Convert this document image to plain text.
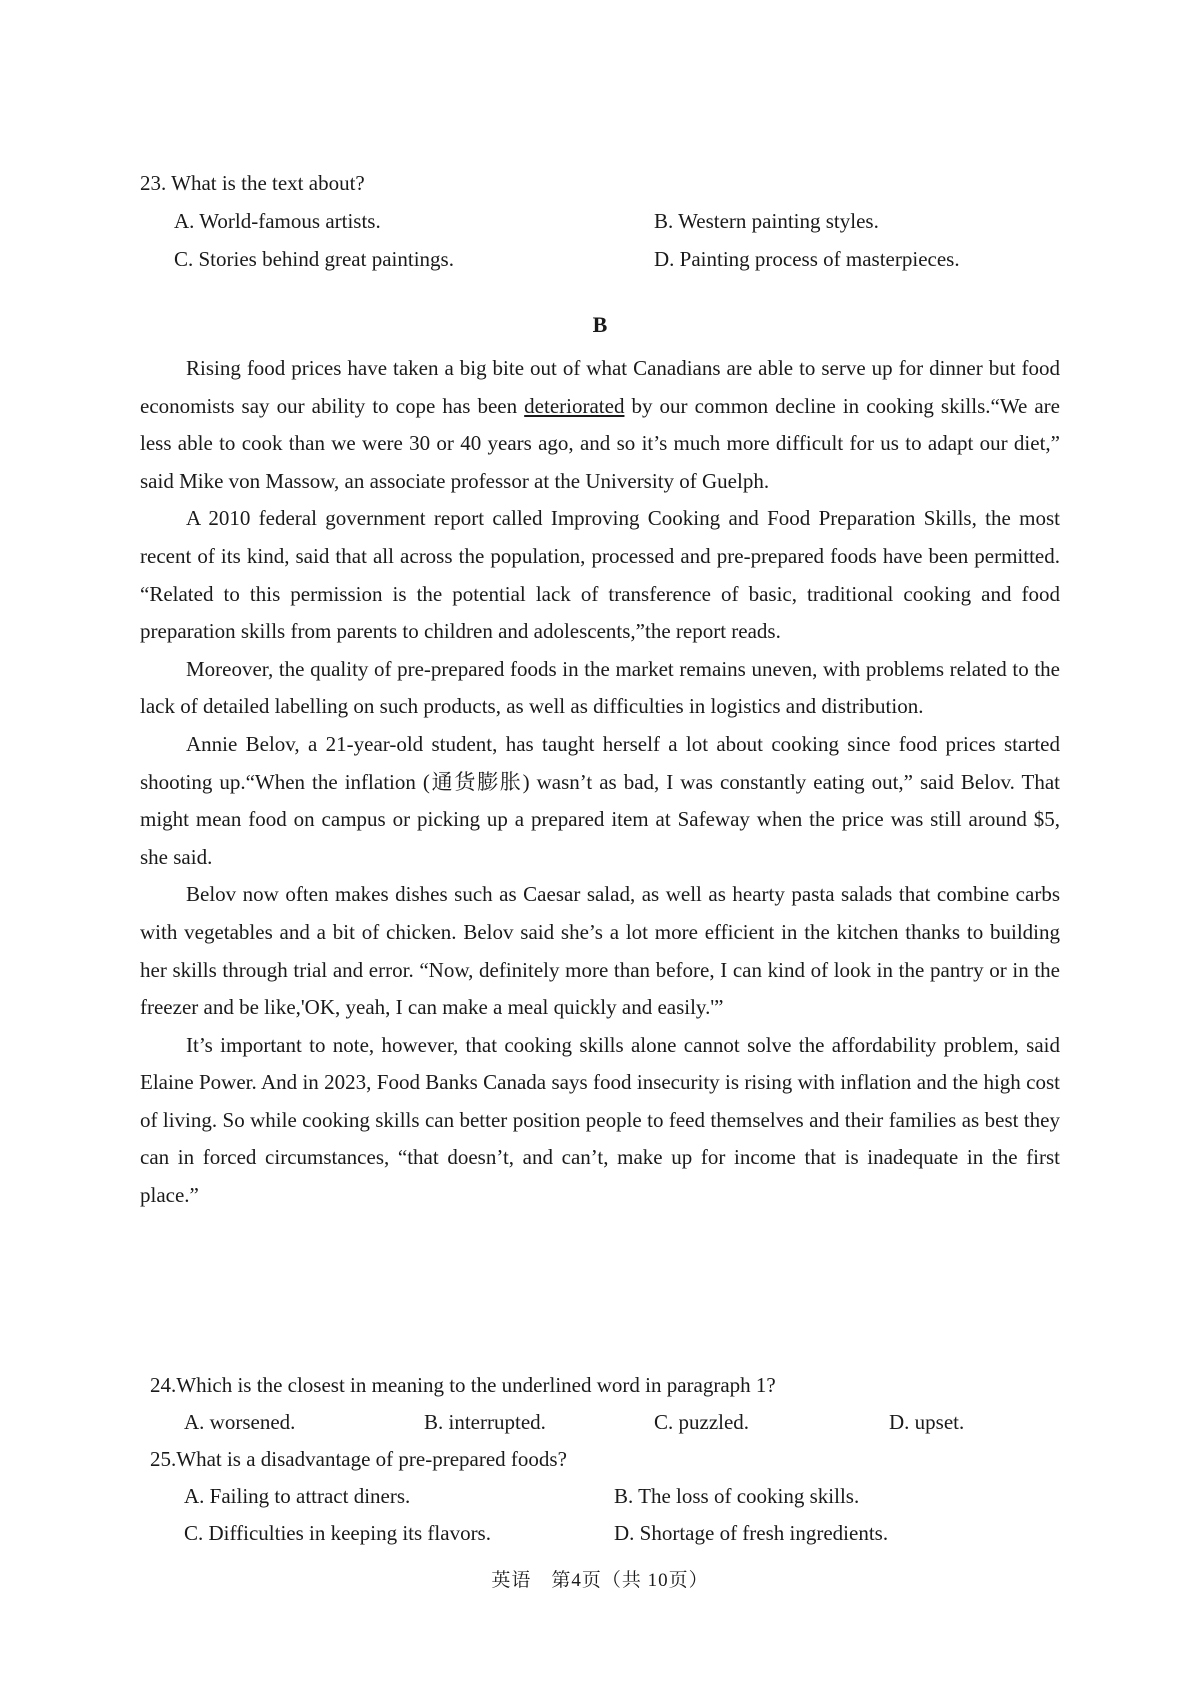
23. What is the text about?
A. World-famous artists.	B. Western painting styles.
C. Stories behind great paintings.	D. Painting process of masterpieces.
B

Rising food prices have taken a big bite out of what Canadians are able to serve up for dinner but food economists say our ability to cope has been deteriorated by our common decline in cooking skills.“We are less able to cook than we were 30 or 40 years ago, and so it’s much more difficult for us to adapt our diet,” said Mike von Massow, an associate professor at the University of Guelph.

A 2010 federal government report called Improving Cooking and Food Preparation Skills, the most recent of its kind, said that all across the population, processed and pre-prepared foods have been permitted. “Related to this permission is the potential lack of transference of basic, traditional cooking and food preparation skills from parents to children and adolescents,”the report reads.

Moreover, the quality of pre-prepared foods in the market remains uneven, with problems related to the lack of detailed labelling on such products, as well as difficulties in logistics and distribution.

Annie Belov, a 21-year-old student, has taught herself a lot about cooking since food prices started shooting up.“When the inflation (通货膨胀) wasn’t as bad, I was constantly eating out,” said Belov. That might mean food on campus or picking up a prepared item at Safeway when the price was still around $5, she said.

Belov now often makes dishes such as Caesar salad, as well as hearty pasta salads that combine carbs with vegetables and a bit of chicken. Belov said she’s a lot more efficient in the kitchen thanks to building her skills through trial and error. “Now, definitely more than before, I can kind of look in the pantry or in the freezer and be like,'OK, yeah, I can make a meal quickly and easily.'”

It’s important to note, however, that cooking skills alone cannot solve the affordability problem, said Elaine Power. And in 2023, Food Banks Canada says food insecurity is rising with inflation and the high cost of living. So while cooking skills can better position people to feed themselves and their families as best they can in forced circumstances, “that doesn’t, and can’t, make up for income that is inadequate in the first place.”

24.Which is the closest in meaning to the underlined word in paragraph 1?
A. worsened.	B. interrupted.	C. puzzled.	D. upset.
25.What is a disadvantage of pre-prepared foods?
A. Failing to attract diners.	B. The loss of cooking skills.
C. Difficulties in keeping its flavors.	D. Shortage of fresh ingredients.
英语　第4页（共 10页）
